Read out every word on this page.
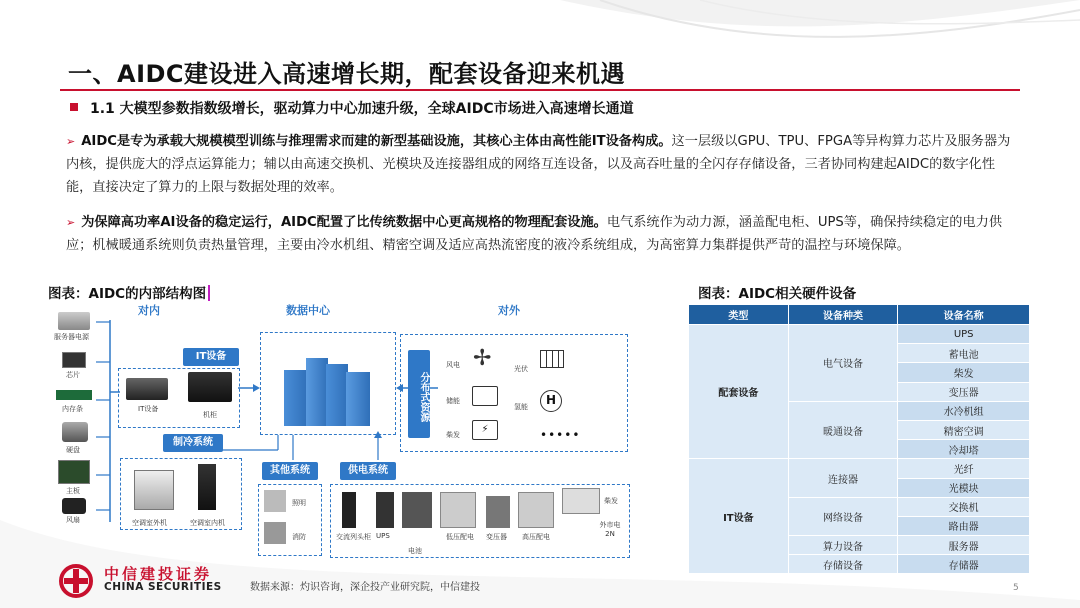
一、AIDC建设进入高速增长期，配套设备迎来机遇
1.1 大模型参数指数级增长，驱动算力中心加速升级，全球AIDC市场进入高速增长通道
➢ AIDC是专为承载大规模模型训练与推理需求而建的新型基础设施，其核心主体由高性能IT设备构成。这一层级以GPU、TPU、FPGA等异构算力芯片及服务器为内核，提供庞大的浮点运算能力；辅以由高速交换机、光模块及连接器组成的网络互连设备，以及高吞吐量的全闪存存储设备，三者协同构建起AIDC的数字化性能，直接决定了算力的上限与数据处理的效率。
➢ 为保障高功率AI设备的稳定运行，AIDC配置了比传统数据中心更高规格的物理配套设施。电气系统作为动力源，涵盖配电柜、UPS等，确保持续稳定的电力供应；机械暖通系统则负责热量管理，主要由冷水机组、精密空调及适应高热流密度的液冷系统组成，为高密算力集群提供严苛的温控与环境保障。
图表：AIDC的内部结构图	图表：AIDC相关硬件设备
对内	数据中心	对外
服务器电源
芯片
内存条
硬盘
主板
风扇
IT设备
IT设备
机柜	分布式资源
风电 ✢	光伏
储能
氢能	H
柴发	⚡	•••••
制冷系统
空调室外机	空调室内机
其他系统
照明
消防
供电系统
交流列头柜 UPS
电池
低压配电 变压器 高压配电
柴发
外市电 2N
类型	设备种类	设备名称
配套设备	电气设备	UPS
		蓄电池
		柴发
		变压器
	暖通设备	水冷机组
		精密空调
		冷却塔
IT设备	连接器	光纤
		光模块
	网络设备	交换机
		路由器
	算力设备	服务器
	存储设备	存储器
中信建投证券
CHINA SECURITIES	数据来源：灼识咨询，深企投产业研究院，中信建投	5
